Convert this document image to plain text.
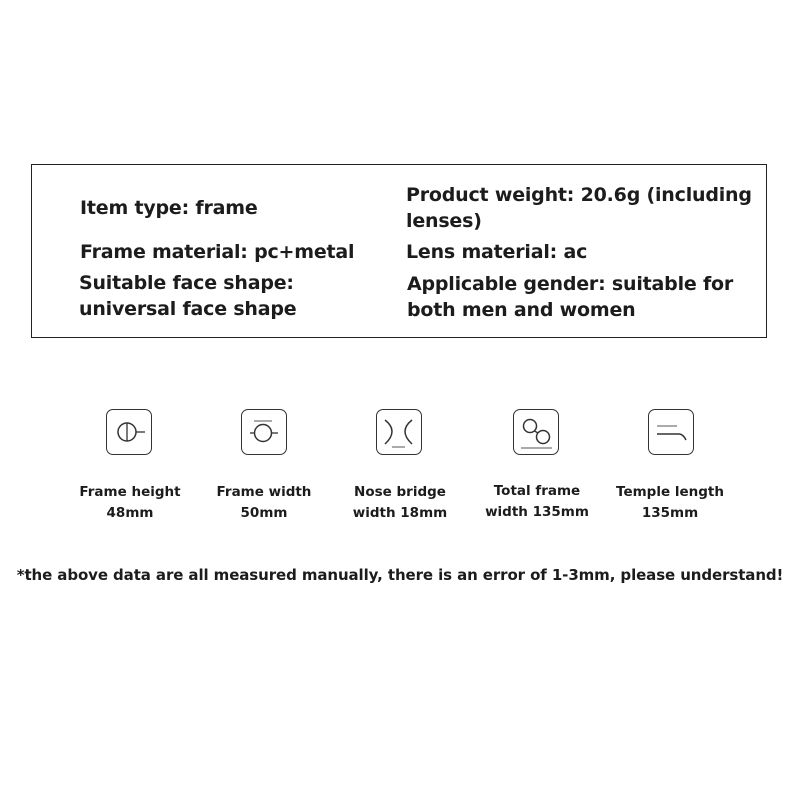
Item type: frame
Product weight: 20.6g (including
lenses)
Frame material: pc+metal	Lens material: ac
Suitable face shape:
universal face shape
Applicable gender: suitable for
both men and women
Frame height
48mm
Frame width
50mm
Nose bridge
width 18mm
Total frame
width 135mm
Temple length
135mm
*the above data are all measured manually, there is an error of 1-3mm, please understand!
